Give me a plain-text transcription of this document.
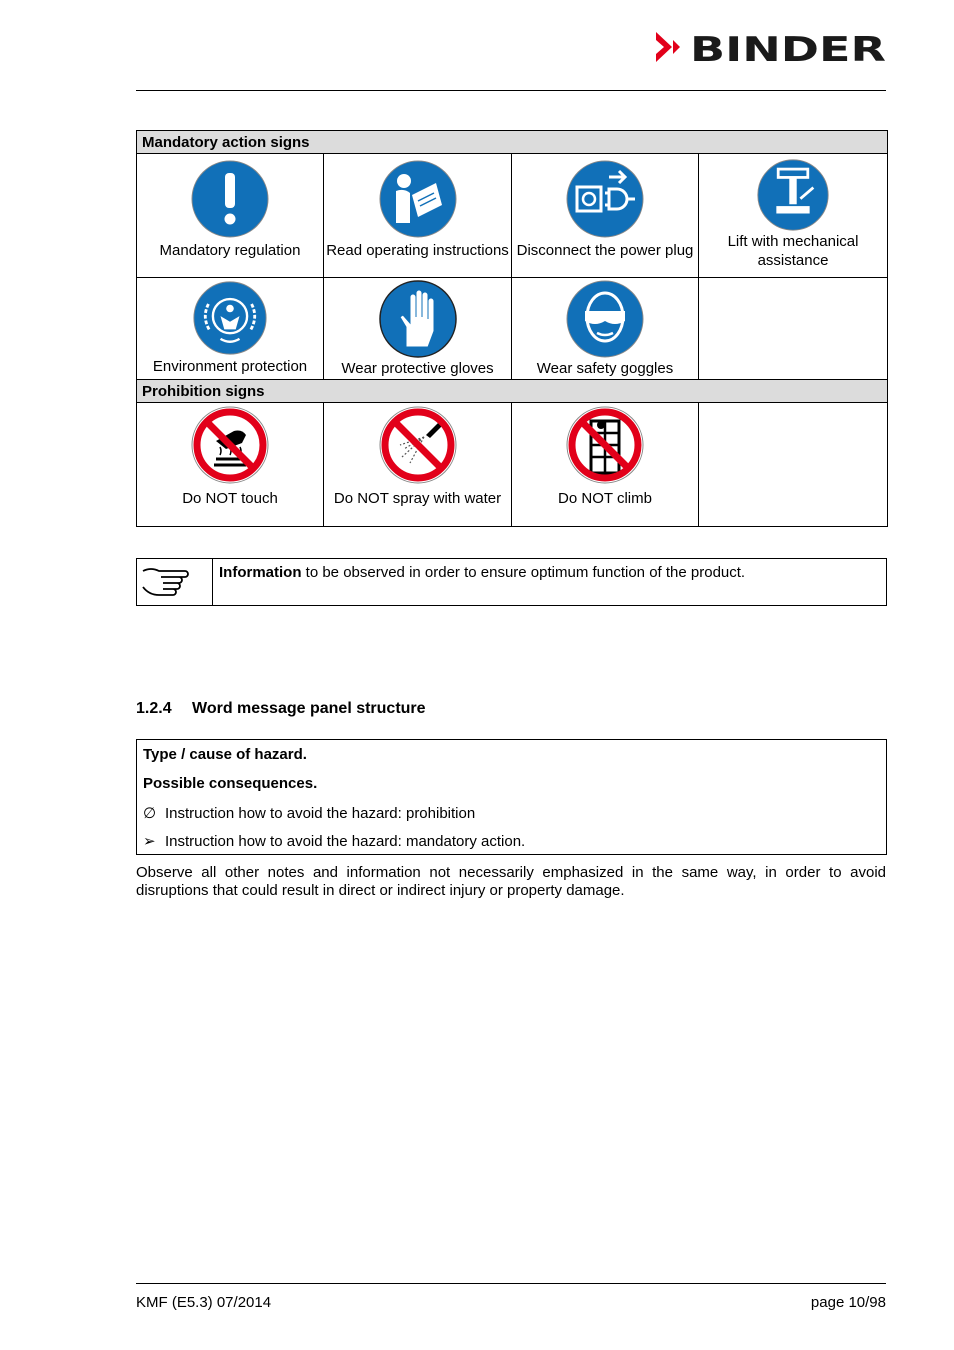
BINDER
Mandatory action signs			

Mandatory regulation	Read operating instructions	Disconnect the power plug	Lift with mechanical assistance

Environment protection	Wear protective gloves	Wear safety goggles	

Prohibition signs			

Do NOT touch	Do NOT spray with water	Do NOT climb	

Information to be observed in order to ensure optimum function of the product.
1.2.4 Word message panel structure
Type / cause of hazard.
Possible consequences.
∅ Instruction how to avoid the hazard: prohibition
➢ Instruction how to avoid the hazard: mandatory action.
Observe all other notes and information not necessarily emphasized in the same way, in order to avoid disruptions that could result in direct or indirect injury or property damage.
KMF (E5.3) 07/2014	page 10/98
